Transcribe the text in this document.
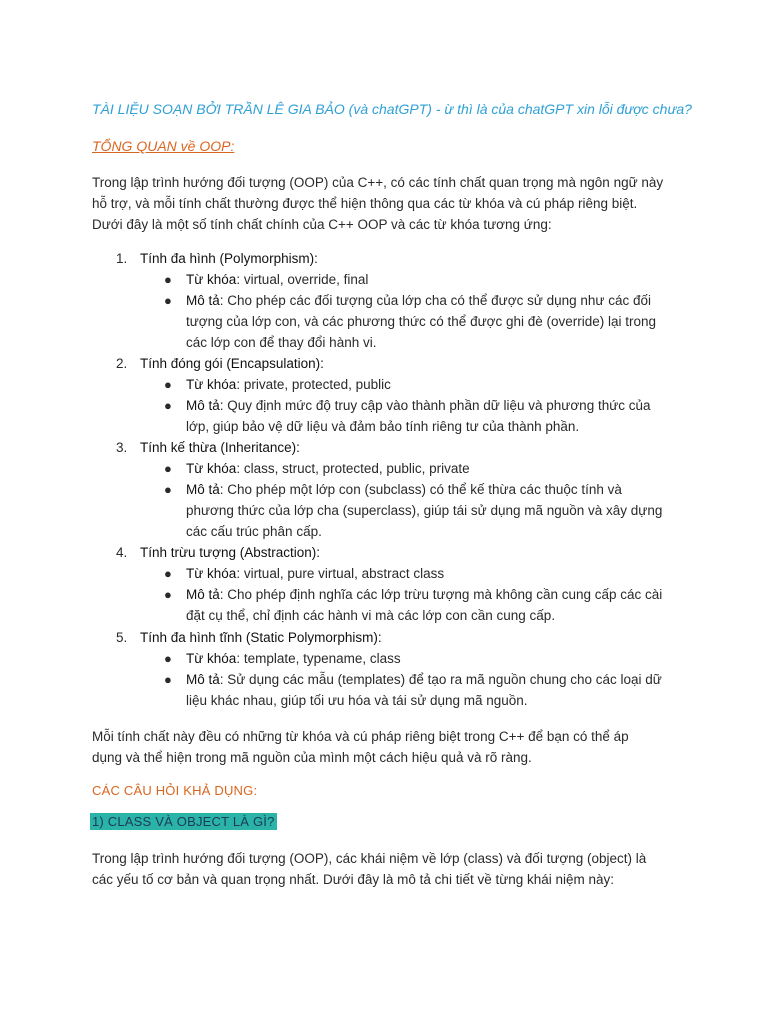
TÀI LIỆU SOẠN BỞI TRẦN LÊ GIA BẢO (và chatGPT) - ừ thì là của chatGPT xin lỗi được chưa?
TỔNG QUAN về OOP:

Trong lập trình hướng đối tượng (OOP) của C++, có các tính chất quan trọng mà ngôn ngữ này

hỗ trợ, và mỗi tính chất thường được thể hiện thông qua các từ khóa và cú pháp riêng biệt.

Dưới đây là một số tính chất chính của C++ OOP và các từ khóa tương ứng:

1. Tính đa hình (Polymorphism):
● Từ khóa: virtual, override, final
● Mô tả: Cho phép các đối tượng của lớp cha có thể được sử dụng như các đối
tượng của lớp con, và các phương thức có thể được ghi đè (override) lại trong
các lớp con để thay đổi hành vi.
2. Tính đóng gói (Encapsulation):
● Từ khóa: private, protected, public
● Mô tả: Quy định mức độ truy cập vào thành phần dữ liệu và phương thức của
lớp, giúp bảo vệ dữ liệu và đảm bảo tính riêng tư của thành phần.
3. Tính kế thừa (Inheritance):
● Từ khóa: class, struct, protected, public, private
● Mô tả: Cho phép một lớp con (subclass) có thể kế thừa các thuộc tính và
phương thức của lớp cha (superclass), giúp tái sử dụng mã nguồn và xây dựng
các cấu trúc phân cấp.
4. Tính trừu tượng (Abstraction):
● Từ khóa: virtual, pure virtual, abstract class
● Mô tả: Cho phép định nghĩa các lớp trừu tượng mà không cần cung cấp các cài
đặt cụ thể, chỉ định các hành vi mà các lớp con cần cung cấp.
5. Tính đa hình tĩnh (Static Polymorphism):
● Từ khóa: template, typename, class
● Mô tả: Sử dụng các mẫu (templates) để tạo ra mã nguồn chung cho các loại dữ
liệu khác nhau, giúp tối ưu hóa và tái sử dụng mã nguồn.

Mỗi tính chất này đều có những từ khóa và cú pháp riêng biệt trong C++ để bạn có thể áp

dụng và thể hiện trong mã nguồn của mình một cách hiệu quả và rõ ràng.

CÁC CÂU HỎI KHẢ DỤNG:
1) CLASS VÀ OBJECT LÀ GÌ?

Trong lập trình hướng đối tượng (OOP), các khái niệm về lớp (class) và đối tượng (object) là

các yếu tố cơ bản và quan trọng nhất. Dưới đây là mô tả chi tiết về từng khái niệm này:
